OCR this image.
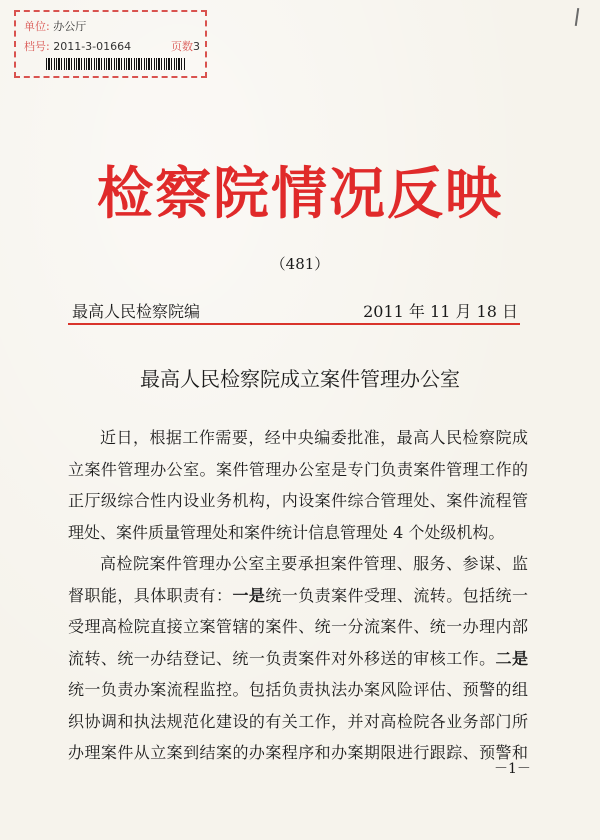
单位: 办公厅
档号: 2011-3-01664	页数3
检察院情况反映
（481）
最高人民检察院编	2011 年 11 月 18 日
最高人民检察院成立案件管理办公室
近日，根据工作需要，经中央编委批准，最高人民检察院成
立案件管理办公室。案件管理办公室是专门负责案件管理工作的
正厅级综合性内设业务机构，内设案件综合管理处、案件流程管
理处、案件质量管理处和案件统计信息管理处 4 个处级机构。
高检院案件管理办公室主要承担案件管理、服务、参谋、监
督职能，具体职责有：一是统一负责案件受理、流转。包括统一
受理高检院直接立案管辖的案件、统一分流案件、统一办理内部
流转、统一办结登记、统一负责案件对外移送的审核工作。二是
统一负责办案流程监控。包括负责执法办案风险评估、预警的组
织协调和执法规范化建设的有关工作，并对高检院各业务部门所
办理案件从立案到结案的办案程序和办案期限进行跟踪、预警和
－1－
